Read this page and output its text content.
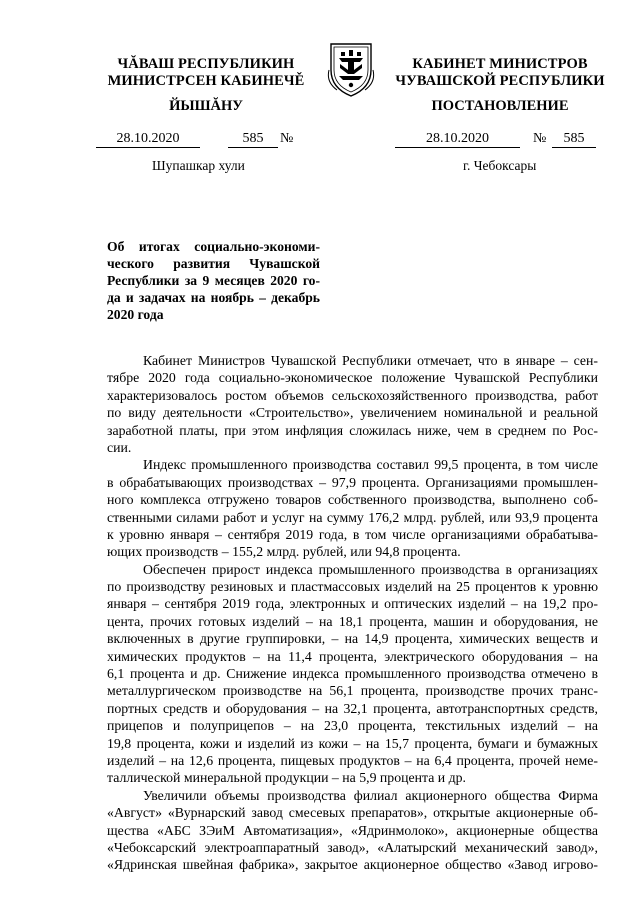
ЧĂВАШ РЕСПУБЛИКИН
МИНИСТРСЕН КАБИНЕЧĚ
КАБИНЕТ МИНИСТРОВ
ЧУВАШСКОЙ РЕСПУБЛИКИ
ЙЫШĂНУ	ПОСТАНОВЛЕНИЕ
28.10.2020	585	№	28.10.2020	№	585
Шупашкар хули	г. Чебоксары
Об итогах социально-экономи-
ческого развития Чувашской
Республики за 9 месяцев 2020 го-
да и задачах на ноябрь – декабрь
2020 года
Кабинет Министров Чувашской Республики отмечает, что в январе – сен-
тябре 2020 года социально-экономическое положение Чувашской Республики
характеризовалось ростом объемов сельскохозяйственного производства, работ
по виду деятельности «Строительство», увеличением номинальной и реальной
заработной платы, при этом инфляция сложилась ниже, чем в среднем по Рос-
сии.
Индекс промышленного производства составил 99,5 процента, в том числе
в обрабатывающих производствах – 97,9 процента. Организациями промышлен-
ного комплекса отгружено товаров собственного производства, выполнено соб-
ственными силами работ и услуг на сумму 176,2 млрд. рублей, или 93,9 процента
к уровню января – сентября 2019 года, в том числе организациями обрабатыва-
ющих производств – 155,2 млрд. рублей, или 94,8 процента.
Обеспечен прирост индекса промышленного производства в организациях
по производству резиновых и пластмассовых изделий на 25 процентов к уровню
января – сентября 2019 года, электронных и оптических изделий – на 19,2 про-
цента, прочих готовых изделий – на 18,1 процента, машин и оборудования, не
включенных в другие группировки, – на 14,9 процента, химических веществ и
химических продуктов – на 11,4 процента, электрического оборудования – на
6,1 процента и др. Снижение индекса промышленного производства отмечено в
металлургическом производстве на 56,1 процента, производстве прочих транс-
портных средств и оборудования – на 32,1 процента, автотранспортных средств,
прицепов и полуприцепов – на 23,0 процента, текстильных изделий – на
19,8 процента, кожи и изделий из кожи – на 15,7 процента, бумаги и бумажных
изделий – на 12,6 процента, пищевых продуктов – на 6,4 процента, прочей неме-
таллической минеральной продукции – на 5,9 процента и др.
Увеличили объемы производства филиал акционерного общества Фирма
«Август» «Вурнарский завод смесевых препаратов», открытые акционерные об-
щества «АБС ЗЭиМ Автоматизация», «Ядринмолоко», акционерные общества
«Чебоксарский электроаппаратный завод», «Алатырский механический завод»,
«Ядринская швейная фабрика», закрытое акционерное общество «Завод игрово-
